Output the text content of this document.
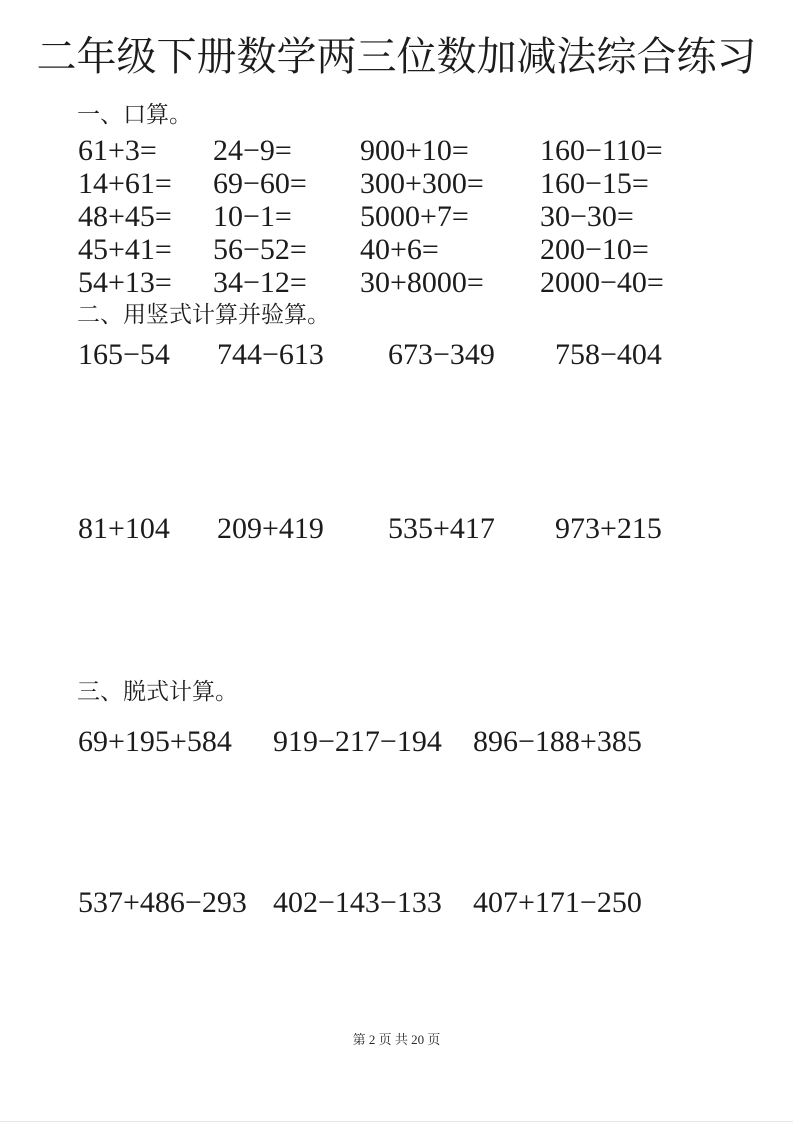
二年级下册数学两三位数加减法综合练习
一、口算。
61+3=	24−9=	900+10=	160−110=
14+61=	69−60=	300+300=	160−15=
48+45=	10−1=	5000+7=	30−30=
45+41=	56−52=	40+6=	200−10=
54+13=	34−12=	30+8000=	2000−40=
二、用竖式计算并验算。
165−54	744−613	673−349	758−404
81+104	209+419	535+417	973+215
三、脱式计算。
69+195+584	919−217−194	896−188+385
537+486−293 402−143−133	407+171−250
第 2 页 共 20 页
